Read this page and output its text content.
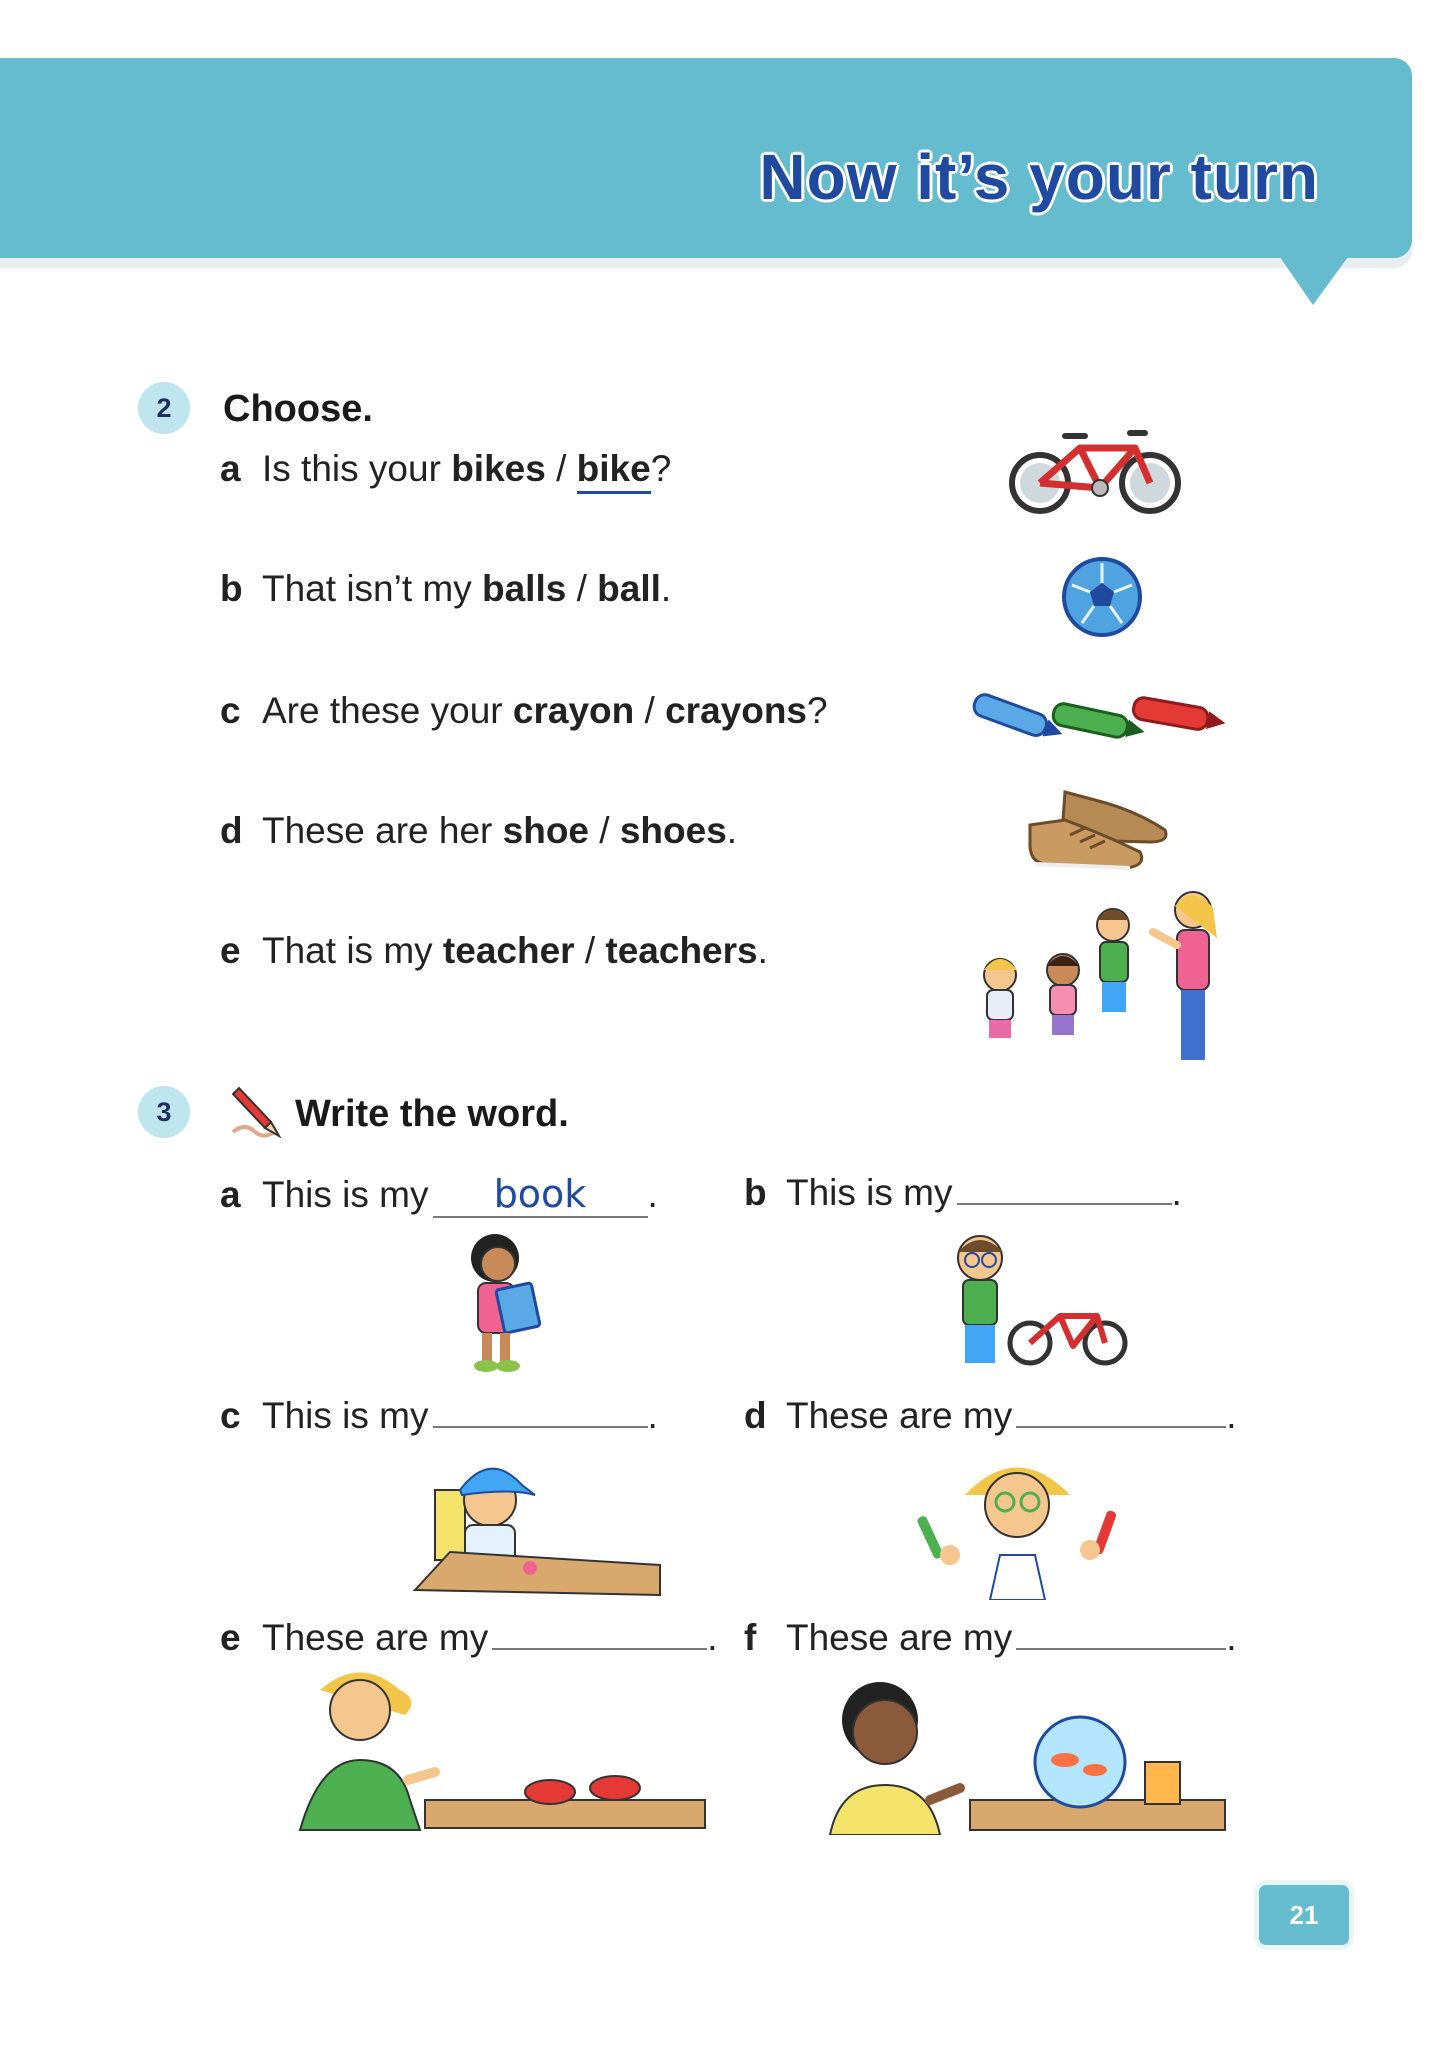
Now it’s your turn
2	Choose.
a Is this your bikes / bike?
b That isn’t my balls / ball.
c Are these your crayon / crayons?
d These are her shoe / shoes.
e That is my teacher / teachers.
3	Write the word.
a This is my book . b This is my	.
c This is my	. d These are my	.
e These are my	. f These are my	.
21
